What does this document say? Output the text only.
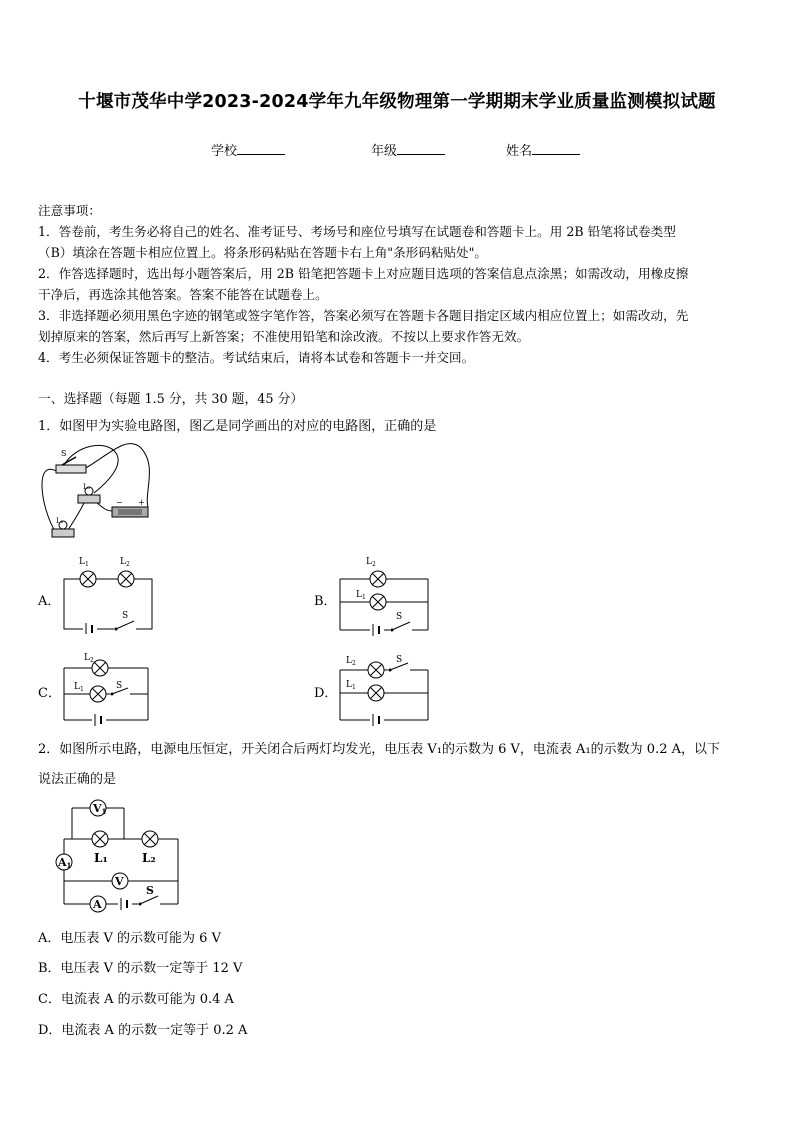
十堰市茂华中学2023-2024学年九年级物理第一学期期末学业质量监测模拟试题
学校	年级	姓名
注意事项：
1．答卷前，考生务必将自己的姓名、准考证号、考场号和座位号填写在试题卷和答题卡上。用 2B 铅笔将试卷类型
（B）填涂在答题卡相应位置上。将条形码粘贴在答题卡右上角"条形码粘贴处"。
2．作答选择题时，选出每小题答案后，用 2B 铅笔把答题卡上对应题目选项的答案信息点涂黑；如需改动，用橡皮擦
干净后，再选涂其他答案。答案不能答在试题卷上。
3．非选择题必须用黑色字迹的钢笔或签字笔作答，答案必须写在答题卡各题目指定区域内相应位置上；如需改动，先
划掉原来的答案，然后再写上新答案；不准使用铅笔和涂改液。不按以上要求作答无效。
4．考生必须保证答题卡的整洁。考试结束后，请将本试卷和答题卡一并交回。
一、选择题（每题 1.5 分，共 30 题，45 分）
1．如图甲为实验电路图，图乙是同学画出的对应的电路图，正确的是
S
L₁
− +
L₂
A．
$L_1$	$L_2$
S
B．
$L_2$
$L_1$
S
C．
$L_2$
$L_1$	S	D．
$L_2$
$L_1$
S
2．如图所示电路，电源电压恒定，开关闭合后两灯均发光，电压表 V₁的示数为 6 V，电流表 A₁的示数为 0.2 A，以下
说法正确的是
V1
L₁	L₂
A1
V
A
S
A．电压表 V 的示数可能为 6 V
B．电压表 V 的示数一定等于 12 V
C．电流表 A 的示数可能为 0.4 A
D．电流表 A 的示数一定等于 0.2 A
